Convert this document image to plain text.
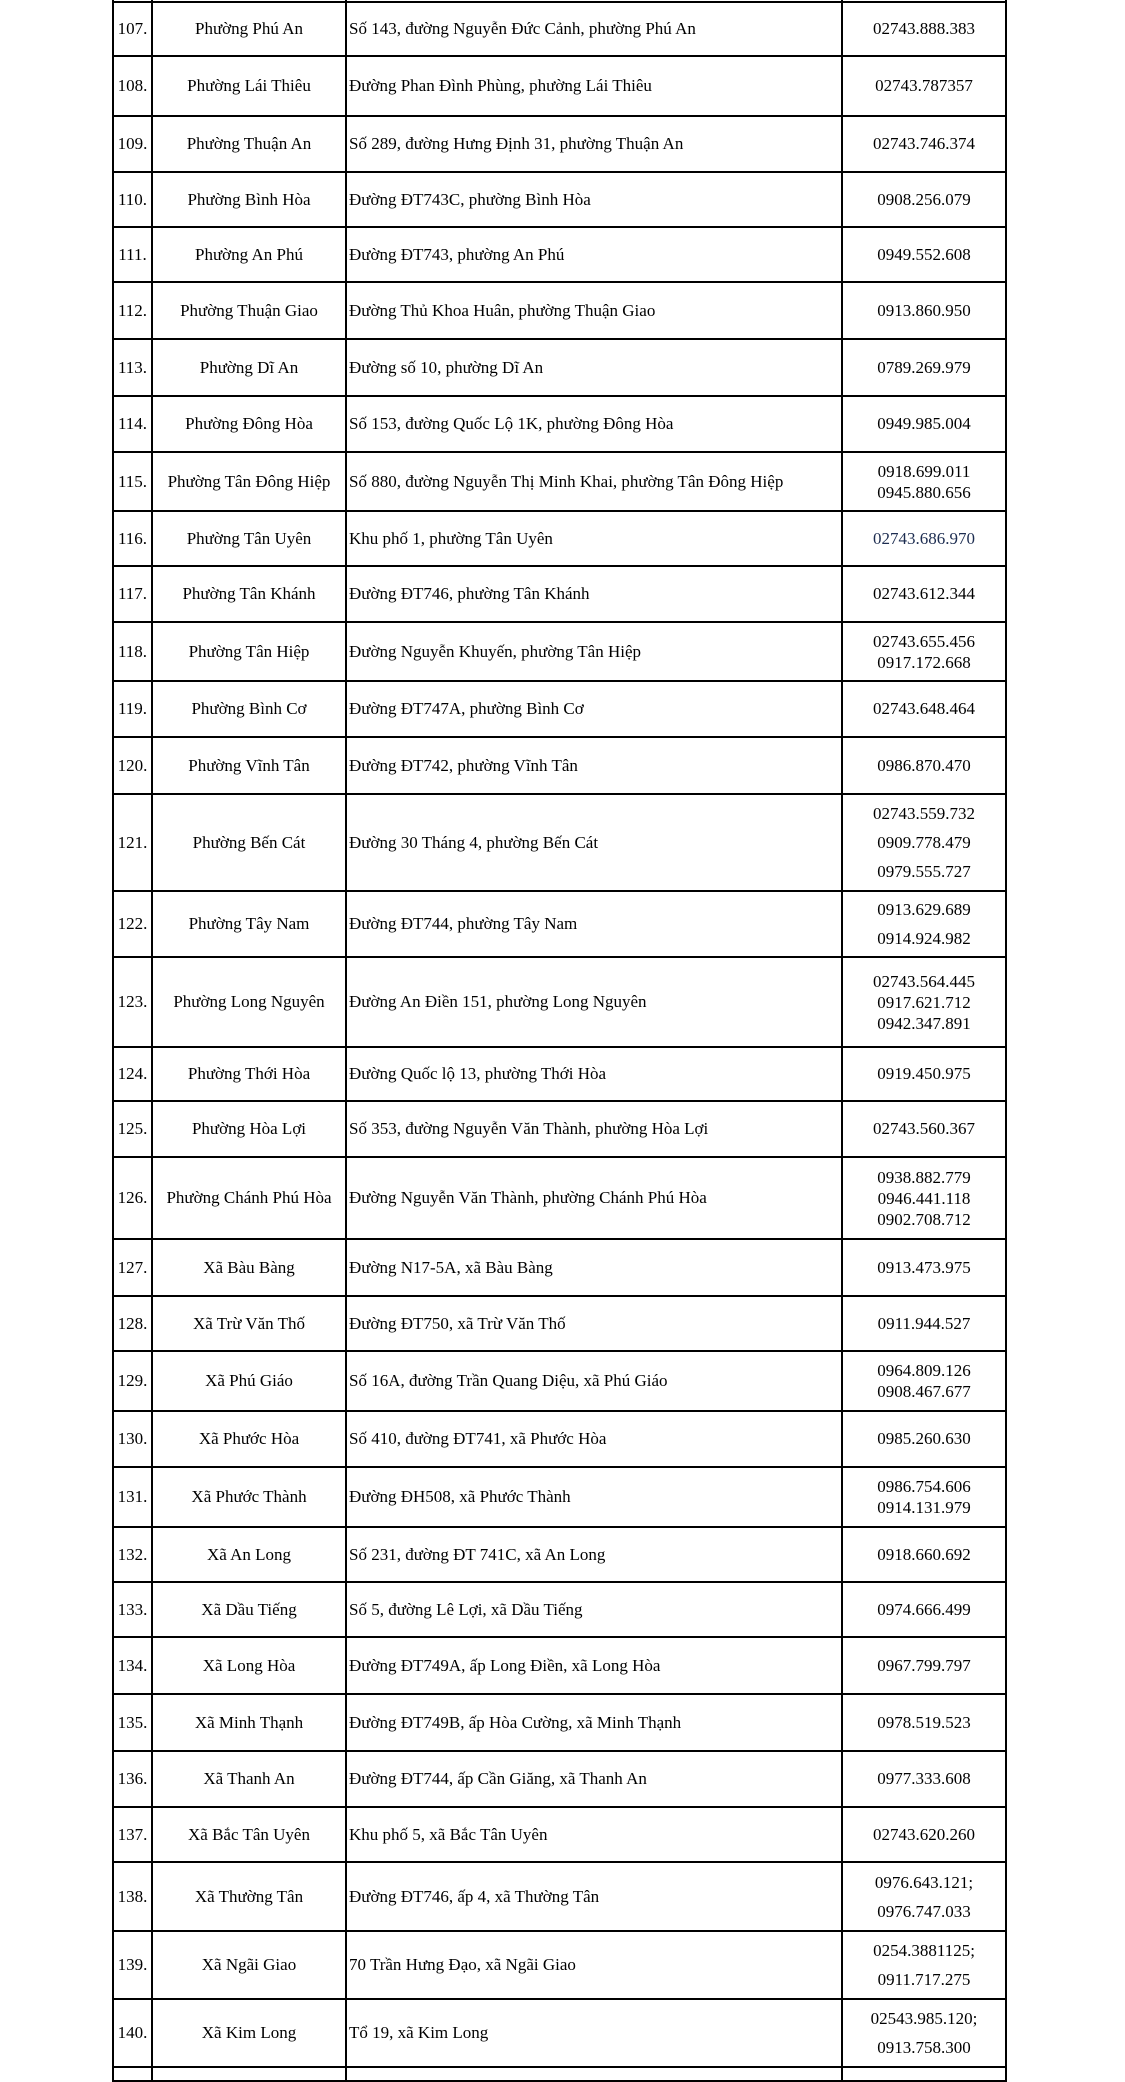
107.	Phường Phú An	Số 143, đường Nguyễn Đức Cảnh, phường Phú An	02743.888.383

108.	Phường Lái Thiêu	Đường Phan Đình Phùng, phường Lái Thiêu	02743.787357

109.	Phường Thuận An	Số 289, đường Hưng Định 31, phường Thuận An	02743.746.374

110.	Phường Bình Hòa	Đường ĐT743C, phường Bình Hòa	0908.256.079

111.	Phường An Phú	Đường ĐT743, phường An Phú	0949.552.608

112.	Phường Thuận Giao	Đường Thủ Khoa Huân, phường Thuận Giao	0913.860.950

113.	Phường Dĩ An	Đường số 10, phường Dĩ An	0789.269.979

114.	Phường Đông Hòa	Số 153, đường Quốc Lộ 1K, phường Đông Hòa	0949.985.004

115.	Phường Tân Đông Hiệp	Số 880, đường Nguyễn Thị Minh Khai, phường Tân Đông Hiệp	0918.699.011
0945.880.656

116.	Phường Tân Uyên	Khu phố 1, phường Tân Uyên	02743.686.970

117.	Phường Tân Khánh	Đường ĐT746, phường Tân Khánh	02743.612.344

118.	Phường Tân Hiệp	Đường Nguyễn Khuyến, phường Tân Hiệp	02743.655.456
0917.172.668

119.	Phường Bình Cơ	Đường ĐT747A, phường Bình Cơ	02743.648.464

120.	Phường Vĩnh Tân	Đường ĐT742, phường Vĩnh Tân	0986.870.470

121.	Phường Bến Cát	Đường 30 Tháng 4, phường Bến Cát	02743.559.732
0909.778.479
0979.555.727

122.	Phường Tây Nam	Đường ĐT744, phường Tây Nam	0913.629.689
0914.924.982

123.	Phường Long Nguyên	Đường An Điền 151, phường Long Nguyên	02743.564.445
0917.621.712
0942.347.891

124.	Phường Thới Hòa	Đường Quốc lộ 13, phường Thới Hòa	0919.450.975

125.	Phường Hòa Lợi	Số 353, đường Nguyễn Văn Thành, phường Hòa Lợi	02743.560.367

126.	Phường Chánh Phú Hòa	Đường Nguyễn Văn Thành, phường Chánh Phú Hòa	0938.882.779
0946.441.118
0902.708.712

127.	Xã Bàu Bàng	Đường N17-5A, xã Bàu Bàng	0913.473.975

128.	Xã Trừ Văn Thố	Đường ĐT750, xã Trừ Văn Thố	0911.944.527

129.	Xã Phú Giáo	Số 16A, đường Trần Quang Diệu, xã Phú Giáo	0964.809.126
0908.467.677

130.	Xã Phước Hòa	Số 410, đường ĐT741, xã Phước Hòa	0985.260.630

131.	Xã Phước Thành	Đường ĐH508, xã Phước Thành	0986.754.606
0914.131.979

132.	Xã An Long	Số 231, đường ĐT 741C, xã An Long	0918.660.692

133.	Xã Dầu Tiếng	Số 5, đường Lê Lợi, xã Dầu Tiếng	0974.666.499

134.	Xã Long Hòa	Đường ĐT749A, ấp Long Điền, xã Long Hòa	0967.799.797

135.	Xã Minh Thạnh	Đường ĐT749B, ấp Hòa Cường, xã Minh Thạnh	0978.519.523

136.	Xã Thanh An	Đường ĐT744, ấp Cần Giăng, xã Thanh An	0977.333.608

137.	Xã Bắc Tân Uyên	Khu phố 5, xã Bắc Tân Uyên	02743.620.260

138.	Xã Thường Tân	Đường ĐT746, ấp 4, xã Thường Tân	0976.643.121;
0976.747.033

139.	Xã Ngãi Giao	70 Trần Hưng Đạo, xã Ngãi Giao	0254.3881125;
0911.717.275

140.	Xã Kim Long	Tổ 19, xã Kim Long	02543.985.120;
0913.758.300
